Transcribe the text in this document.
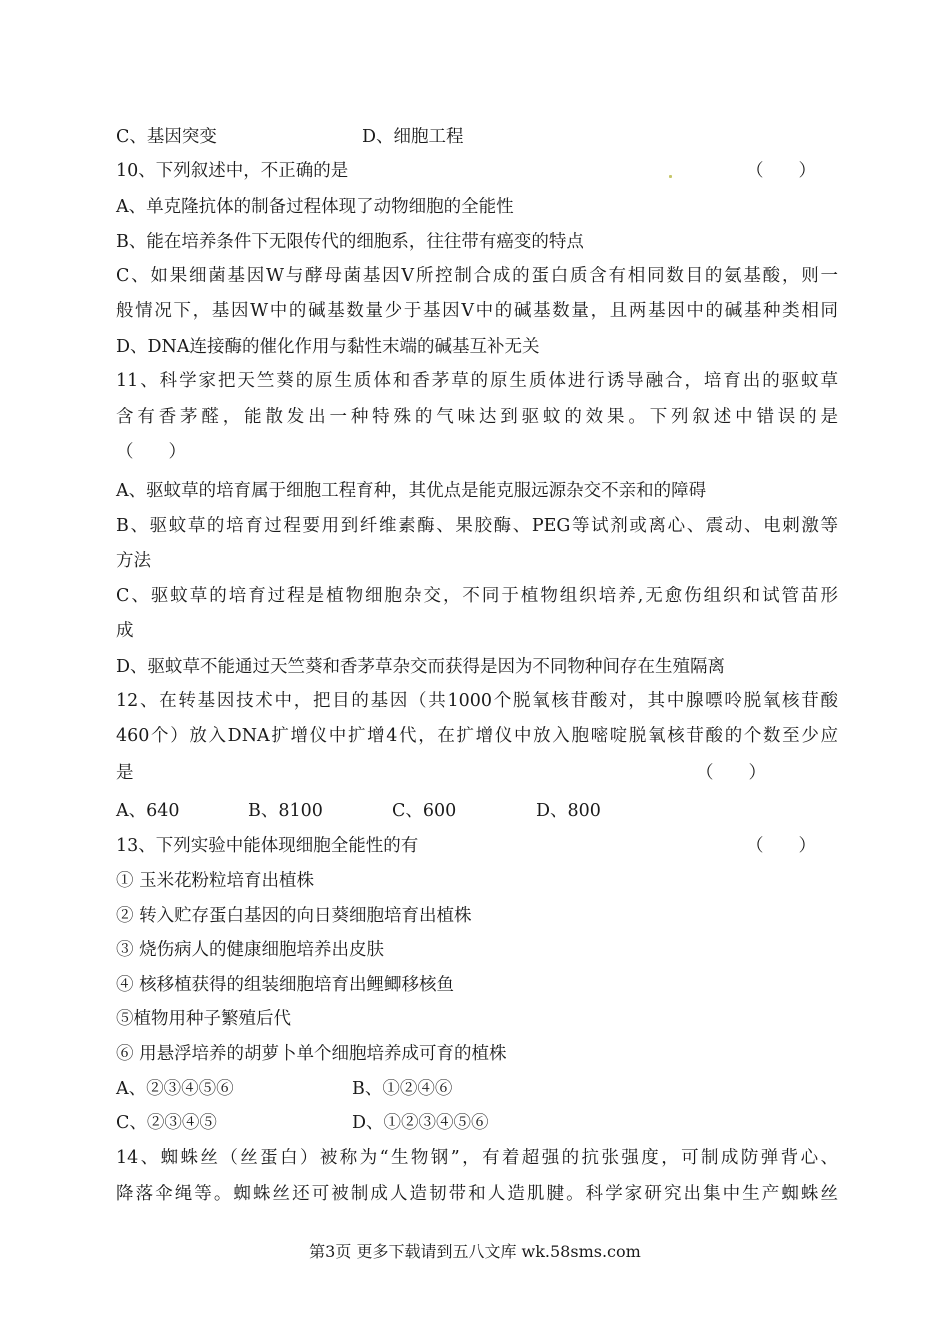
C、基因突变	D、细胞工程
10、下列叙述中，不正确的是	（　　）
A、单克隆抗体的制备过程体现了动物细胞的全能性
B、能在培养条件下无限传代的细胞系，往往带有癌变的特点
C、如果细菌基因W与酵母菌基因V所控制合成的蛋白质含有相同数目的氨基酸，则一
般情况下，基因W中的碱基数量少于基因V中的碱基数量，且两基因中的碱基种类相同
D、DNA连接酶的催化作用与黏性末端的碱基互补无关
11、科学家把天竺葵的原生质体和香茅草的原生质体进行诱导融合，培育出的驱蚊草
含有香茅醛，能散发出一种特殊的气味达到驱蚊的效果。下列叙述中错误的是
（　　）
A、驱蚊草的培育属于细胞工程育种，其优点是能克服远源杂交不亲和的障碍
B、驱蚊草的培育过程要用到纤维素酶、果胶酶、PEG等试剂或离心、震动、电刺激等
方法
C、驱蚊草的培育过程是植物细胞杂交，不同于植物组织培养,无愈伤组织和试管苗形
成
D、驱蚊草不能通过天竺葵和香茅草杂交而获得是因为不同物种间存在生殖隔离
12、在转基因技术中，把目的基因（共1000个脱氧核苷酸对，其中腺嘌呤脱氧核苷酸
460个）放入DNA扩增仪中扩增4代，在扩增仪中放入胞嘧啶脱氧核苷酸的个数至少应
是	（　　）
A、640	B、8100	C、600	D、800
13、下列实验中能体现细胞全能性的有	（　　）
① 玉米花粉粒培育出植株
② 转入贮存蛋白基因的向日葵细胞培育出植株
③ 烧伤病人的健康细胞培养出皮肤
④ 核移植获得的组装细胞培育出鲤鲫移核鱼
⑤植物用种子繁殖后代
⑥ 用悬浮培养的胡萝卜单个细胞培养成可育的植株
A、②③④⑤⑥	B、①②④⑥
C、②③④⑤	D、①②③④⑤⑥
14、蜘蛛丝（丝蛋白）被称为“生物钢”，有着超强的抗张强度，可制成防弹背心、
降落伞绳等。蜘蛛丝还可被制成人造韧带和人造肌腱。科学家研究出集中生产蜘蛛丝
第3页 更多下载请到五八文库 wk.58sms.com
